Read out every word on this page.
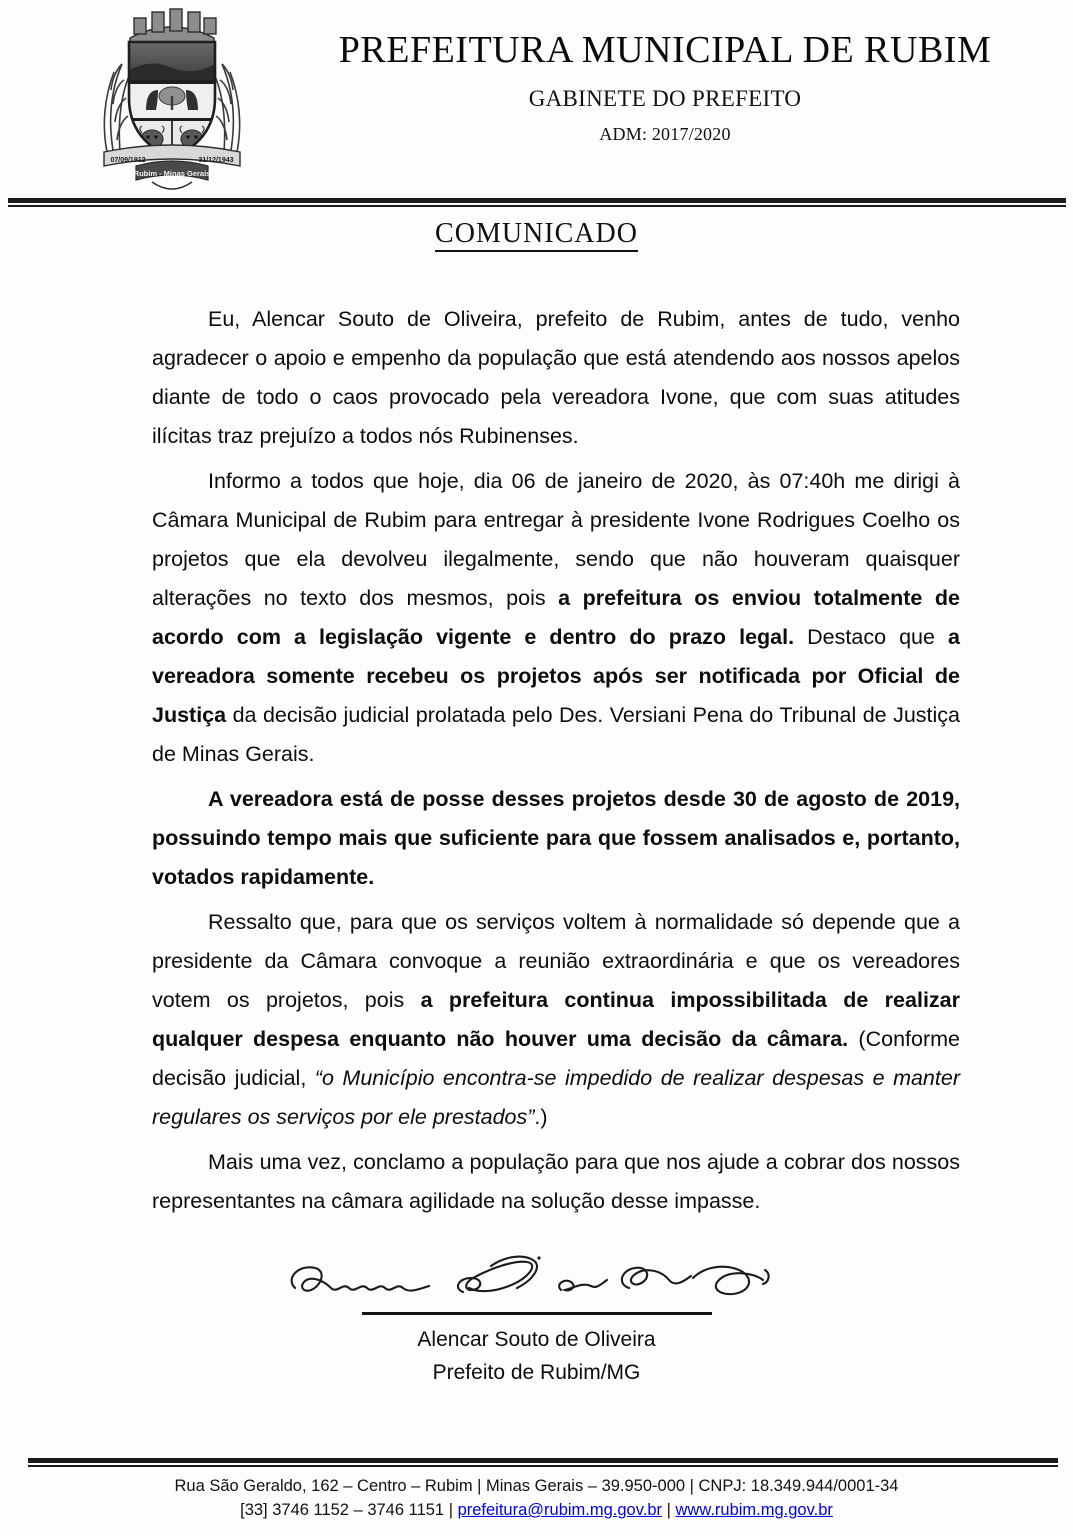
07/09/1912	31/12/1943
Rubim - Minas Gerais
PREFEITURA MUNICIPAL DE RUBIM
GABINETE DO PREFEITO
ADM: 2017/2020
COMUNICADO

Eu, Alencar Souto de Oliveira, prefeito de Rubim, antes de tudo, venho agradecer o apoio e empenho da população que está atendendo aos nossos apelos diante de todo o caos provocado pela vereadora Ivone, que com suas atitudes ilícitas traz prejuízo a todos nós Rubinenses.

Informo a todos que hoje, dia 06 de janeiro de 2020, às 07:40h me dirigi à Câmara Municipal de Rubim para entregar à presidente Ivone Rodrigues Coelho os projetos que ela devolveu ilegalmente, sendo que não houveram quaisquer alterações no texto dos mesmos, pois a prefeitura os enviou totalmente de acordo com a legislação vigente e dentro do prazo legal. Destaco que a vereadora somente recebeu os projetos após ser notificada por Oficial de Justiça da decisão judicial prolatada pelo Des. Versiani Pena do Tribunal de Justiça de Minas Gerais.

A vereadora está de posse desses projetos desde 30 de agosto de 2019, possuindo tempo mais que suficiente para que fossem analisados e, portanto, votados rapidamente.

Ressalto que, para que os serviços voltem à normalidade só depende que a presidente da Câmara convoque a reunião extraordinária e que os vereadores votem os projetos, pois a prefeitura continua impossibilitada de realizar qualquer despesa enquanto não houver uma decisão da câmara. (Conforme decisão judicial, “o Município encontra-se impedido de realizar despesas e manter regulares os serviços por ele prestados”.)

Mais uma vez, conclamo a população para que nos ajude a cobrar dos nossos representantes na câmara agilidade na solução desse impasse.

Alencar Souto de Oliveira
Prefeito de Rubim/MG
Rua São Geraldo, 162 – Centro – Rubim | Minas Gerais – 39.950-000 | CNPJ: 18.349.944/0001-34
[33] 3746 1152 – 3746 1151 | prefeitura@rubim.mg.gov.br | www.rubim.mg.gov.br
